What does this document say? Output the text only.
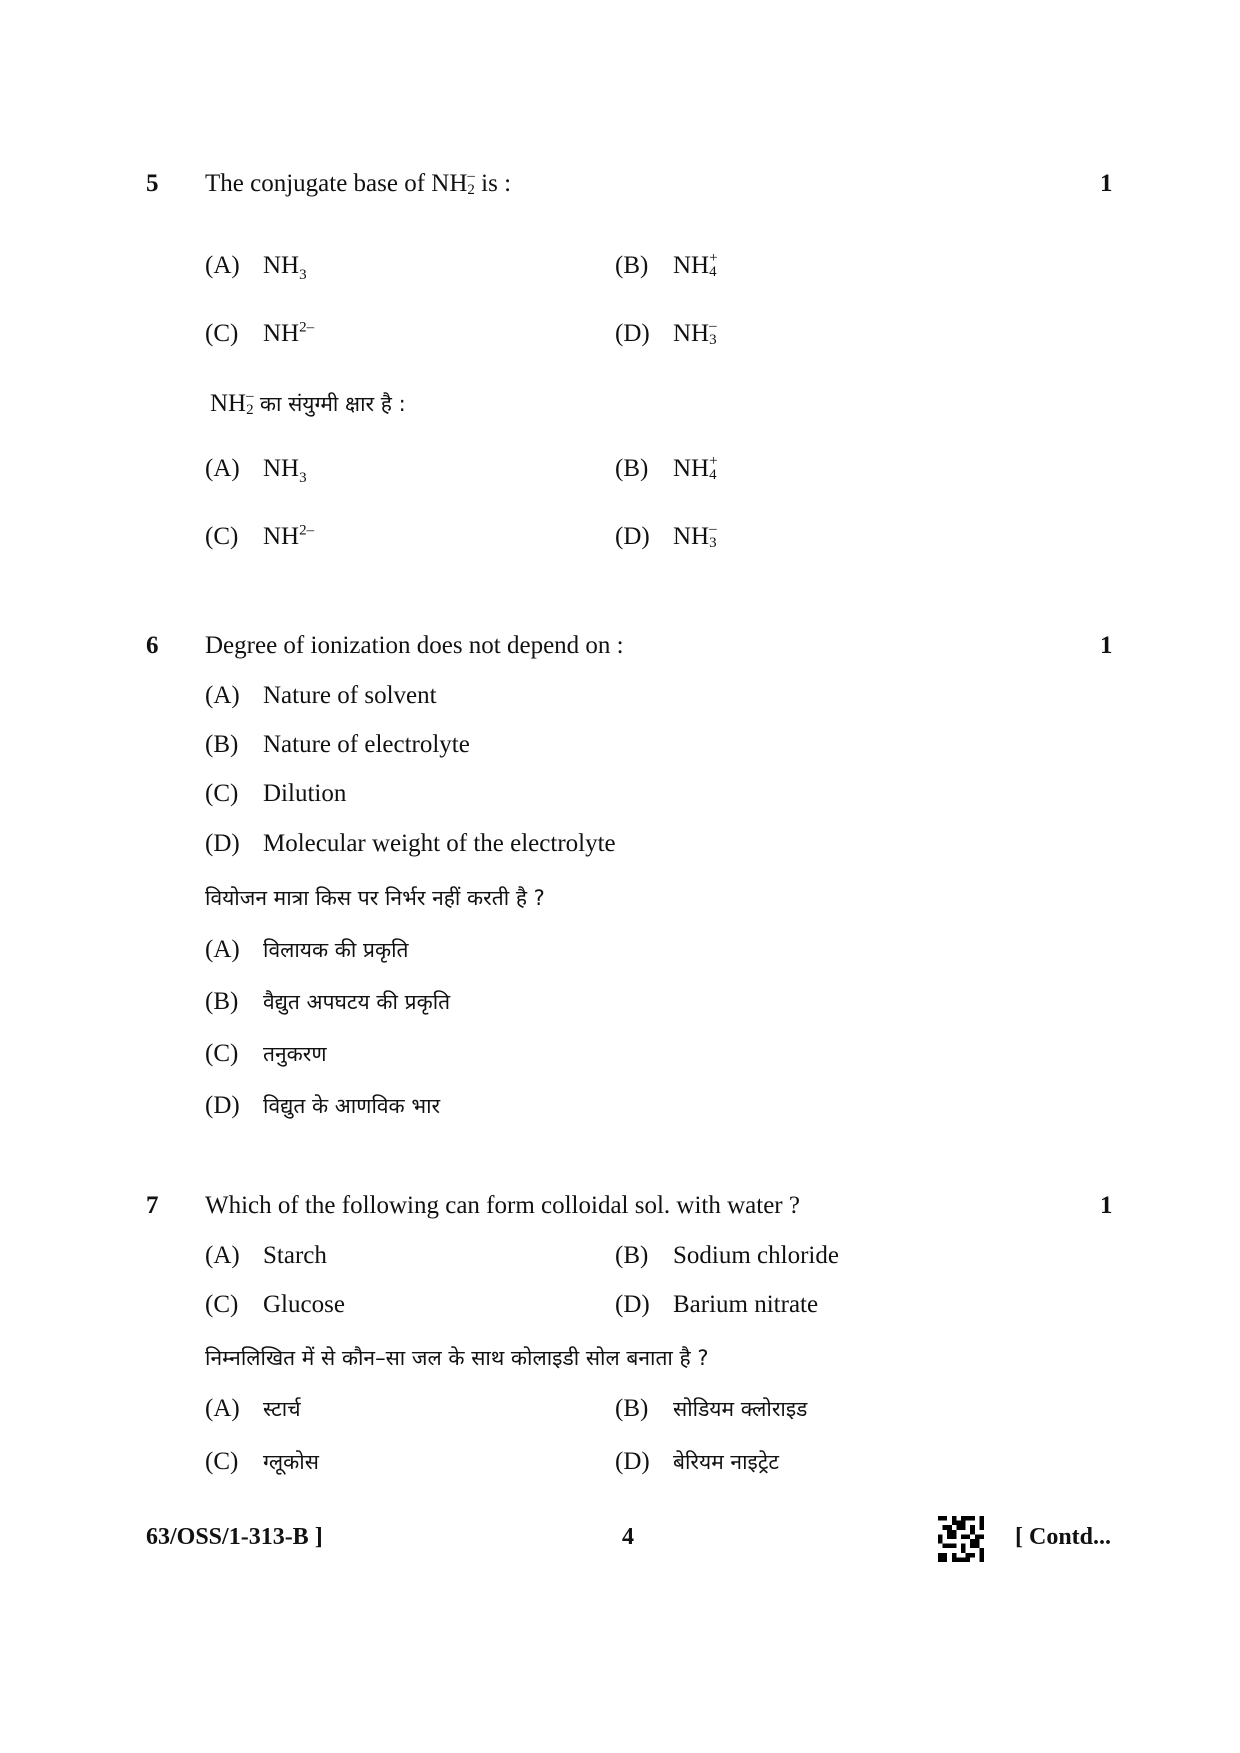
5 The conjugate base of NH –
2 is :	1
(A) $NH_3$	(B) NH +
4
(C) $NH^{2-}$	(D) NH –
3
NH –
2 का संयुग्मी क्षार है :
(A) $NH_3$	(B) NH +
4
(C) $NH^{2-}$	(D) NH –
3
6 Degree of ionization does not depend on :	1
(A) Nature of solvent
(B) Nature of electrolyte
(C) Dilution
(D) Molecular weight of the electrolyte
वियोजन मात्रा किस पर निर्भर नहीं करती है ?
(A) विलायक की प्रकृति
(B) वैद्युत अपघटय की प्रकृति
(C) तनुकरण
(D) विद्युत के आणविक भार
7 Which of the following can form colloidal sol. with water ?	1
(A) Starch	(B) Sodium chloride
(C) Glucose	(D) Barium nitrate
निम्नलिखित में से कौन–सा जल के साथ कोलाइडी सोल बनाता है ?
(A) स्टार्च	(B) सोडियम क्लोराइड
(C) ग्लूकोस	(D) बेरियम नाइट्रेट
63/OSS/1-313-B ]	4	[ Contd...
